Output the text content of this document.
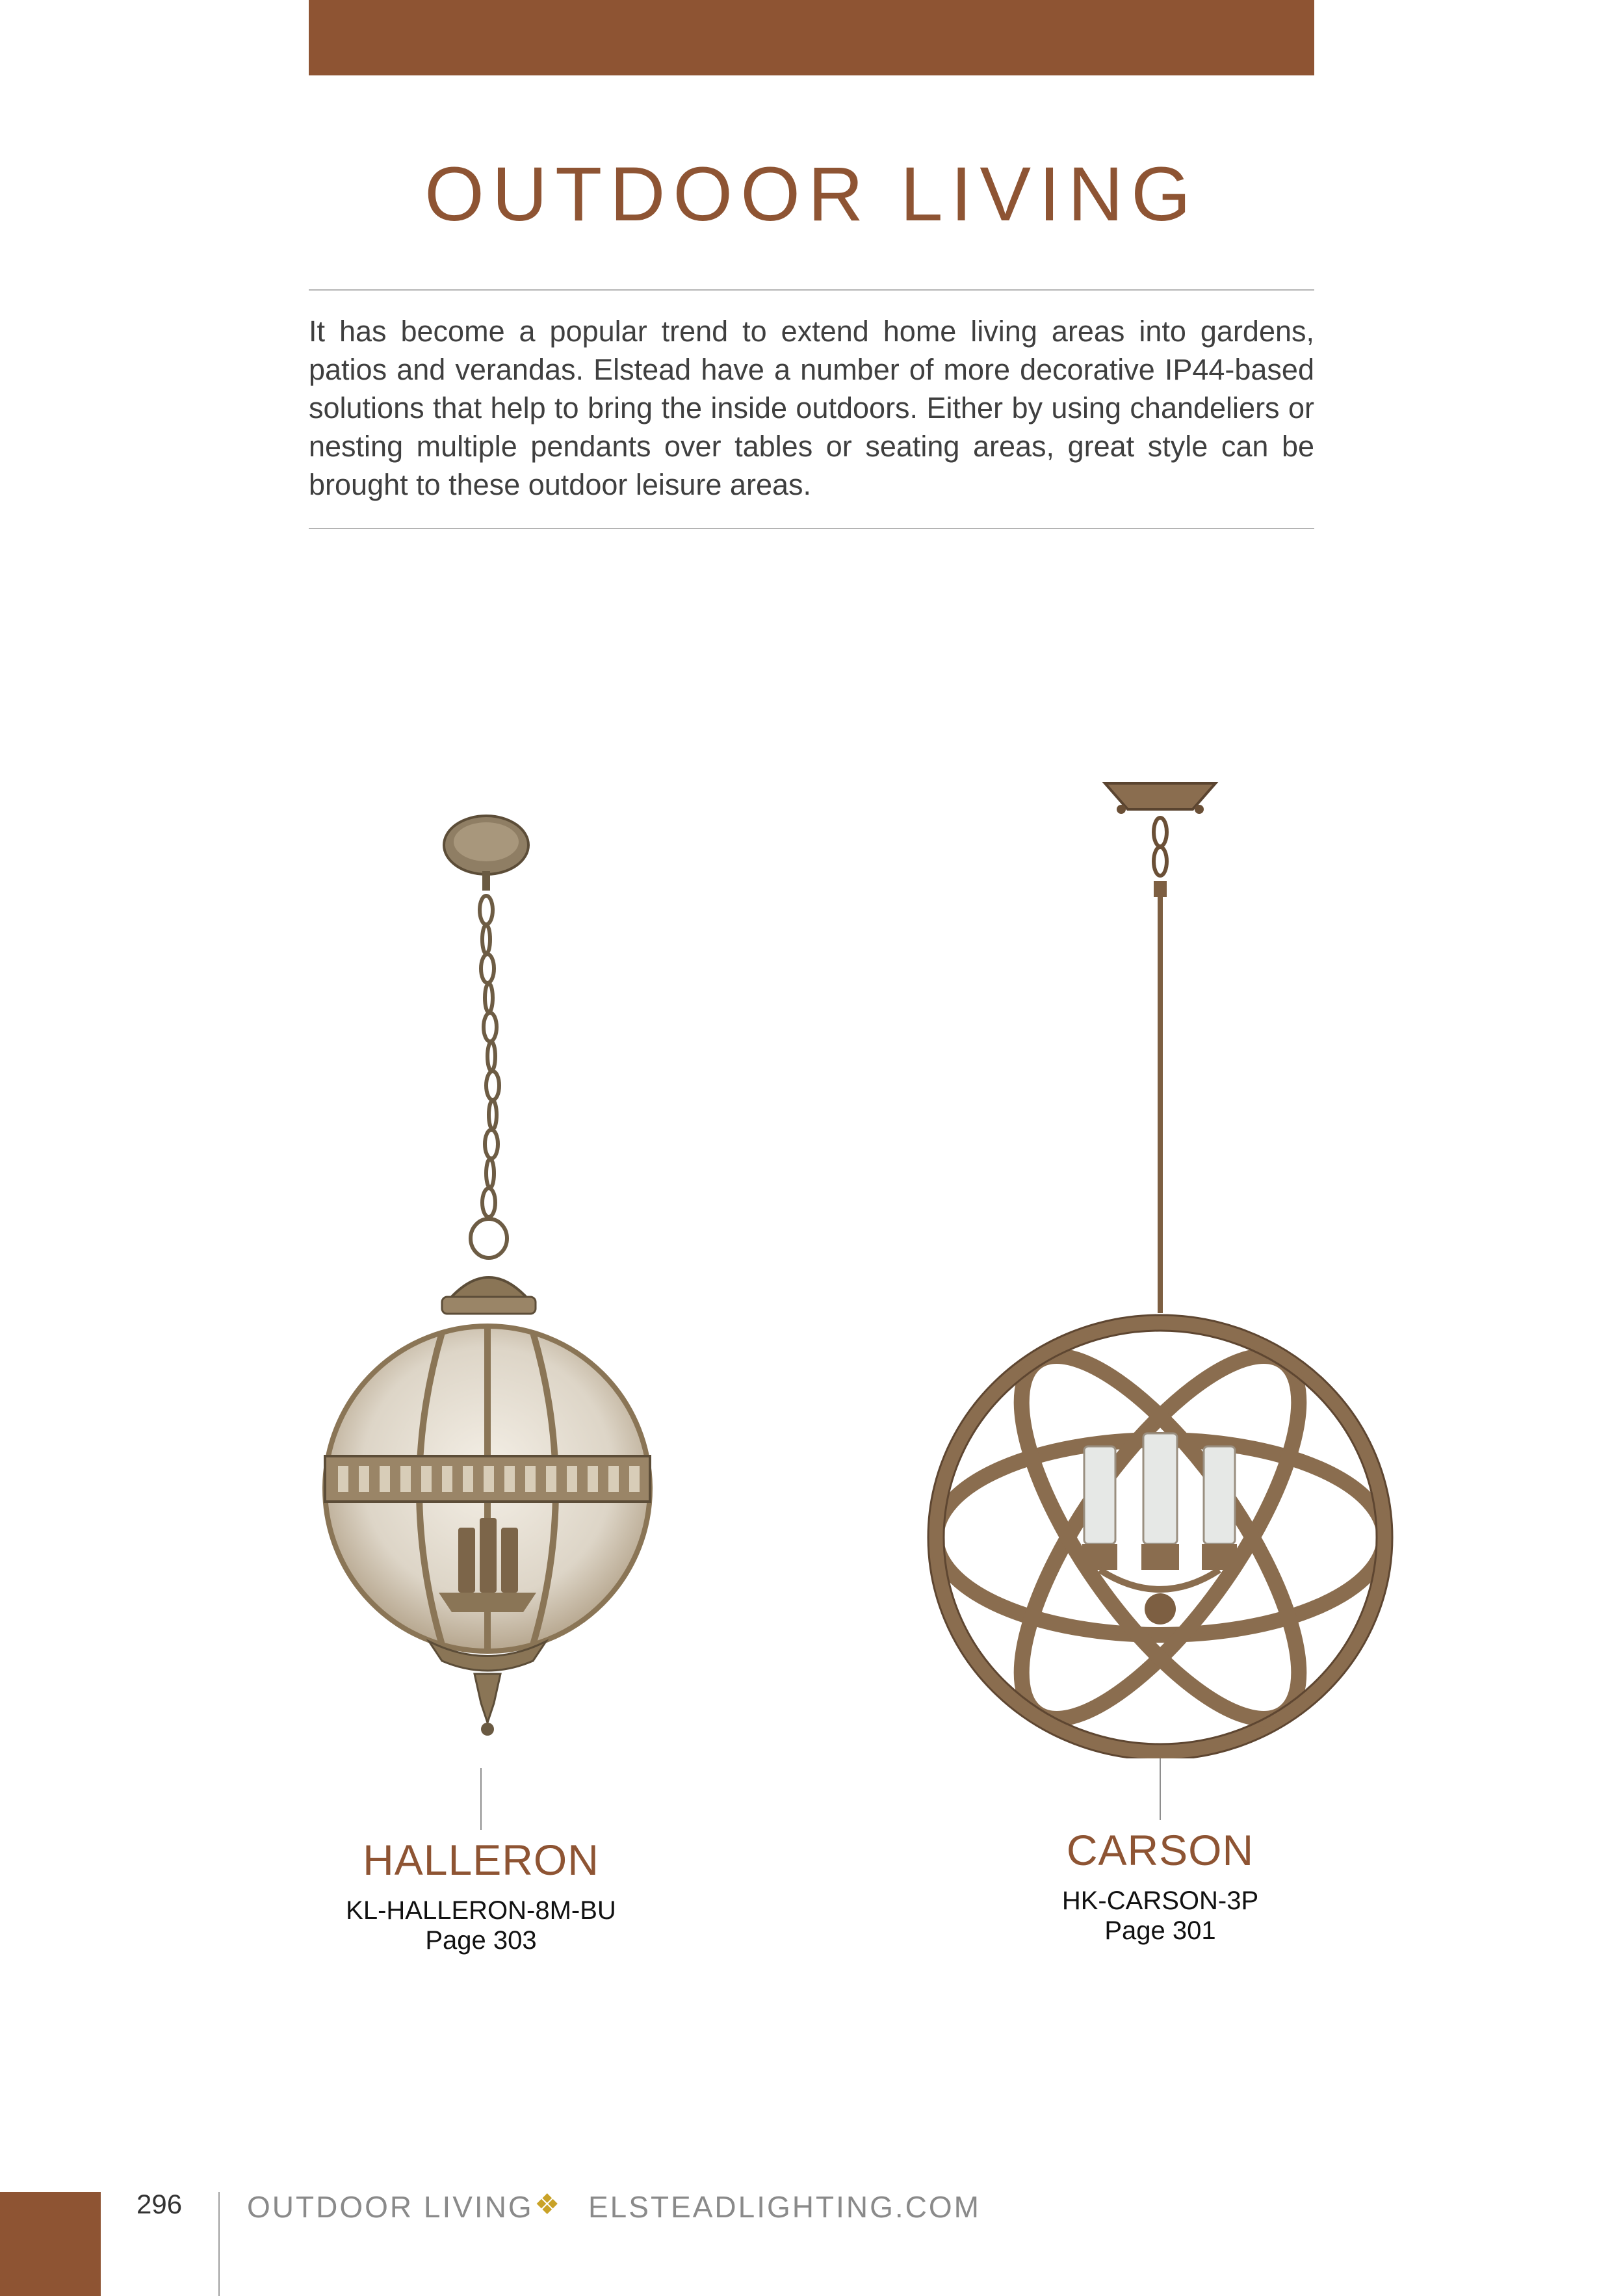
OUTDOOR LIVING
It has become a popular trend to extend home living areas into gardens, patios and verandas. Elstead have a number of more decorative IP44-based solutions that help to bring the inside outdoors. Either by using chandeliers or nesting multiple pendants over tables or seating areas, great style can be brought to these outdoor leisure areas.
HALLERON
KL-HALLERON-8M-BU
Page 303
CARSON
HK-CARSON-3P
Page 301
296 OUTDOOR LIVING ❖ ELSTEADLIGHTING.COM
